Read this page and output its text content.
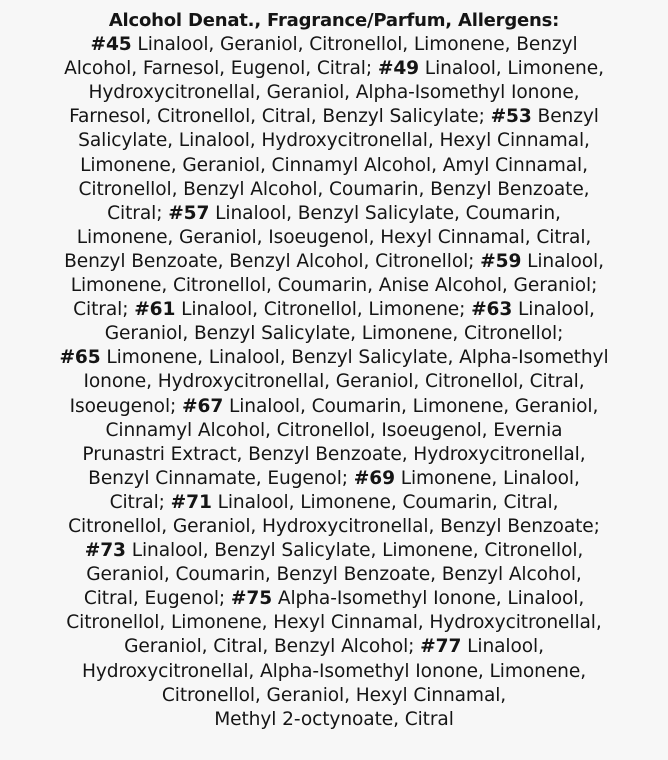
Alcohol Denat., Fragrance/Parfum, Allergens:
#45 Linalool, Geraniol, Citronellol, Limonene, Benzyl
Alcohol, Farnesol, Eugenol, Citral; #49 Linalool, Limonene,
Hydroxycitronellal, Geraniol, Alpha-Isomethyl Ionone,
Farnesol, Citronellol, Citral, Benzyl Salicylate; #53 Benzyl
Salicylate, Linalool, Hydroxycitronellal, Hexyl Cinnamal,
Limonene, Geraniol, Cinnamyl Alcohol, Amyl Cinnamal,
Citronellol, Benzyl Alcohol, Coumarin, Benzyl Benzoate,
Citral; #57 Linalool, Benzyl Salicylate, Coumarin,
Limonene, Geraniol, Isoeugenol, Hexyl Cinnamal, Citral,
Benzyl Benzoate, Benzyl Alcohol, Citronellol; #59 Linalool,
Limonene, Citronellol, Coumarin, Anise Alcohol, Geraniol;
Citral; #61 Linalool, Citronellol, Limonene; #63 Linalool,
Geraniol, Benzyl Salicylate, Limonene, Citronellol;
#65 Limonene, Linalool, Benzyl Salicylate, Alpha-Isomethyl
Ionone, Hydroxycitronellal, Geraniol, Citronellol, Citral,
Isoeugenol; #67 Linalool, Coumarin, Limonene, Geraniol,
Cinnamyl Alcohol, Citronellol, Isoeugenol, Evernia
Prunastri Extract, Benzyl Benzoate, Hydroxycitronellal,
Benzyl Cinnamate, Eugenol; #69 Limonene, Linalool,
Citral; #71 Linalool, Limonene, Coumarin, Citral,
Citronellol, Geraniol, Hydroxycitronellal, Benzyl Benzoate;
#73 Linalool, Benzyl Salicylate, Limonene, Citronellol,
Geraniol, Coumarin, Benzyl Benzoate, Benzyl Alcohol,
Citral, Eugenol; #75 Alpha-Isomethyl Ionone, Linalool,
Citronellol, Limonene, Hexyl Cinnamal, Hydroxycitronellal,
Geraniol, Citral, Benzyl Alcohol; #77 Linalool,
Hydroxycitronellal, Alpha-Isomethyl Ionone, Limonene,
Citronellol, Geraniol, Hexyl Cinnamal,
Methyl 2-octynoate, Citral
